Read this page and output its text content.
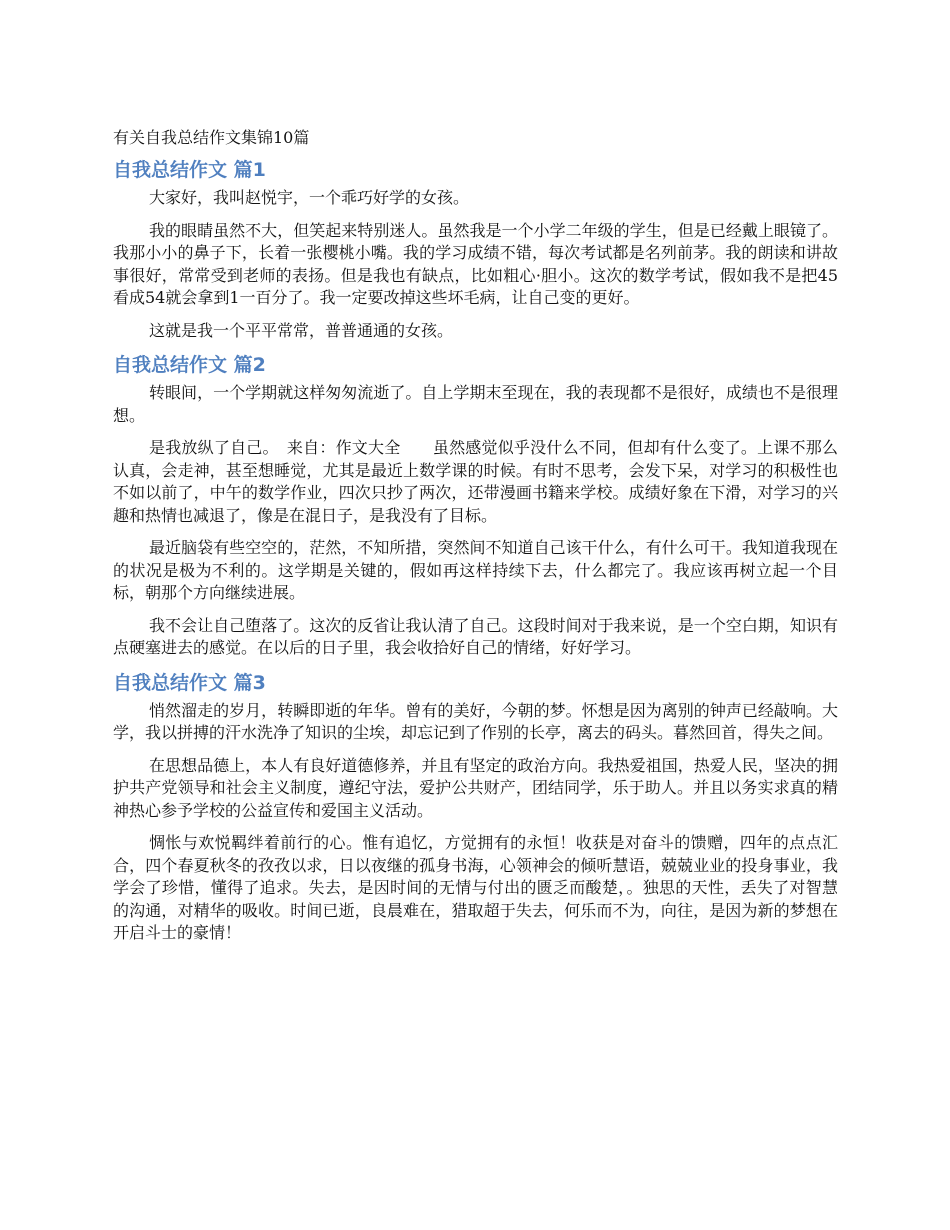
有关自我总结作文集锦10篇
自我总结作文 篇1

大家好，我叫赵悦宇，一个乖巧好学的女孩。

我的眼睛虽然不大，但笑起来特别迷人。虽然我是一个小学二年级的学生，但是已经戴上眼镜了。我那小小的鼻子下，长着一张樱桃小嘴。我的学习成绩不错，每次考试都是名列前茅。我的朗读和讲故事很好，常常受到老师的表扬。但是我也有缺点，比如粗心·胆小。这次的数学考试，假如我不是把45看成54就会拿到1一百分了。我一定要改掉这些坏毛病，让自己变的更好。

这就是我一个平平常常，普普通通的女孩。

自我总结作文 篇2

转眼间，一个学期就这样匆匆流逝了。自上学期末至现在，我的表现都不是很好，成绩也不是很理想。

是我放纵了自己。　来自：作文大全　　虽然感觉似乎没什么不同，但却有什么变了。上课不那么认真，会走神，甚至想睡觉，尤其是最近上数学课的时候。有时不思考，会发下呆，对学习的积极性也不如以前了，中午的数学作业，四次只抄了两次，还带漫画书籍来学校。成绩好象在下滑，对学习的兴趣和热情也减退了，像是在混日子，是我没有了目标。

最近脑袋有些空空的，茫然，不知所措，突然间不知道自己该干什么，有什么可干。我知道我现在的状况是极为不利的。这学期是关键的，假如再这样持续下去，什么都完了。我应该再树立起一个目标，朝那个方向继续进展。

我不会让自己堕落了。这次的反省让我认清了自己。这段时间对于我来说，是一个空白期，知识有点硬塞进去的感觉。在以后的日子里，我会收拾好自己的情绪，好好学习。

自我总结作文 篇3

悄然溜走的岁月，转瞬即逝的年华。曾有的美好，今朝的梦。怀想是因为离别的钟声已经敲响。大学，我以拼搏的汗水洗净了知识的尘埃，却忘记到了作别的长亭，离去的码头。暮然回首，得失之间。

在思想品德上，本人有良好道德修养，并且有坚定的政治方向。我热爱祖国，热爱人民，坚决的拥护共产党领导和社会主义制度，遵纪守法，爱护公共财产，团结同学，乐于助人。并且以务实求真的精神热心参予学校的公益宣传和爱国主义活动。

惆怅与欢悦羁绊着前行的心。惟有追忆，方觉拥有的永恒！收获是对奋斗的馈赠，四年的点点汇合，四个春夏秋冬的孜孜以求，日以夜继的孤身书海，心领神会的倾听慧语，兢兢业业的投身事业，我学会了珍惜，懂得了追求。失去，是因时间的无情与付出的匮乏而酸楚，。独思的天性，丢失了对智慧的沟通，对精华的吸收。时间已逝，良晨难在，猎取超于失去，何乐而不为，向往，是因为新的梦想在开启斗士的豪情！
